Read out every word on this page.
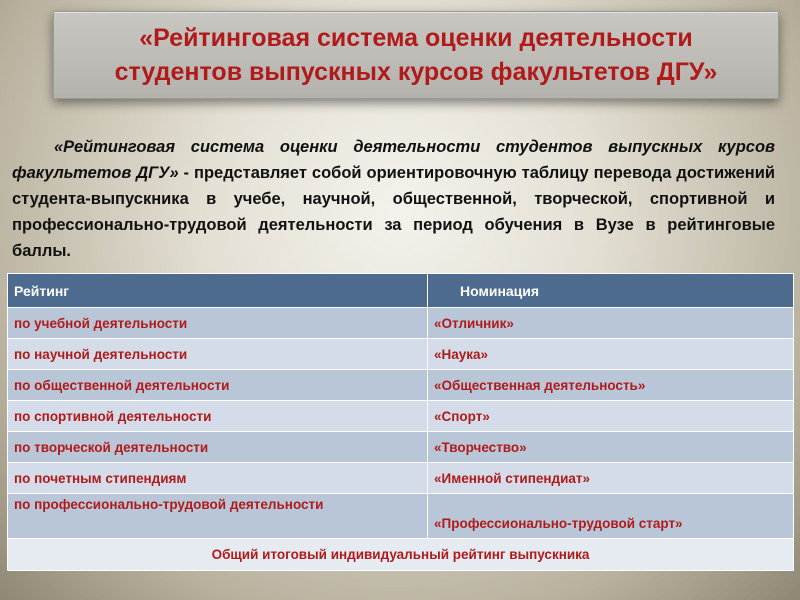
«Рейтинговая система оценки деятельности
студентов выпускных курсов факультетов ДГУ»
«Рейтинговая система оценки деятельности студентов выпускных курсов факультетов ДГУ» - представляет собой ориентировочную таблицу перевода достижений студента-выпускника в учебе, научной, общественной, творческой, спортивной и профессионально-трудовой деятельности за период обучения в Вузе в рейтинговые баллы.
Рейтинг	Номинация
по учебной деятельности	«Отличник»
по научной деятельности	«Наука»
по общественной деятельности	«Общественная деятельность»
по спортивной деятельности	«Спорт»
по творческой деятельности	«Творчество»
по почетным стипендиям	«Именной стипендиат»
по профессионально-трудовой деятельности	«Профессионально-трудовой старт»
Общий итоговый индивидуальный рейтинг выпускника	
